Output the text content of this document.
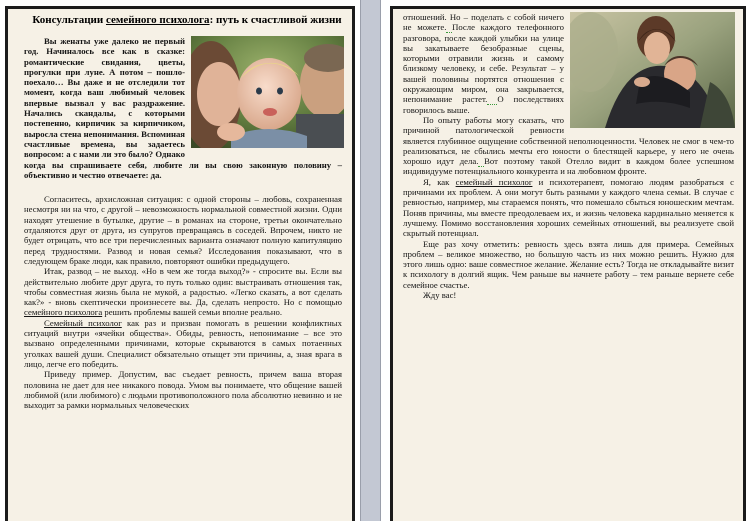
Консультации семейного психолога: путь к счастливой жизни

Вы женаты уже далеко не первый год. Начиналось все как в сказке: романтические свидания, цветы, прогулки при луне. А потом – пошло-поехало… Вы даже и не отследили тот момент, когда ваш любимый человек впервые вызвал у вас раздражение. Начались скандалы, с которыми постепенно, кирпичик за кирпичиком, выросла стена непонимания. Вспоминая счастливые времена, вы задаетесь вопросом: а с нами ли это было? Однако когда вы спрашиваете себя, любите ли вы свою законную половину – объективно и честно отвечаете: да.

Согласитесь, архисложная ситуация: с одной стороны – любовь, сохраненная несмотря ни на что, с другой – невозможность нормальной совместной жизни. Одни находят утешение в бутылке, другие – в романах на стороне, третьи окончательно отдаляются друг от друга, из супругов превращаясь в соседей. Впрочем, никто не будет отрицать, что все три перечисленных варианта означают полную капитуляцию перед трудностями. Развод и новая семья? Исследования показывают, что в следующем браке люди, как правило, повторяют ошибки предыдущего.

Итак, развод – не выход. «Но в чем же тогда выход?» - спросите вы. Если вы действительно любите друг друга, то путь только один: выстраивать отношения так, чтобы совместная жизнь была не мукой, а радостью. «Легко сказать, а вот сделать как?» - вновь скептически произнесете вы. Да, сделать непросто. Но с помощью семейного психолога решить проблемы вашей семьи вполне реально.

Семейный психолог как раз и призван помогать в решении конфликтных ситуаций внутри «ячейки общества». Обиды, ревность, непонимание – все это вызвано определенными причинами, которые скрываются в самых потаенных уголках вашей души. Специалист обязательно отыщет эти причины, а, зная врага в лицо, легче его победить.

Приведу пример. Допустим, вас съедает ревность, причем ваша вторая половина не дает для нее никакого повода. Умом вы понимаете, что общение вашей любимой (или любимого) с людьми противоположного пола абсолютно невинно и не выходит за рамки нормальных человеческих

отношений. Но – поделать с собой ничего не можете. После каждого телефонного разговора, после каждой улыбки на улице вы закатываете безобразные сцены, которыми отравили жизнь и самому близкому человеку, и себе. Результат – у вашей половины портятся отношения с окружающим миром, она закрывается, непонимание растет. О последствиях говорилось выше.

По опыту работы могу сказать, что причиной патологической ревности является глубиннoe ощущение собственной неполноценности. Человек не смог в чем-то реализоваться, не сбылись мечты его юности о блестящей карьере, у него не очень хорошо идут дела. Вот поэтому такой Отелло видит в каждом более успешном индивидууме потенциального конкурента и на любовном фронте.

Я, как семейный психолог и психотерапевт, помогаю людям разобраться с причинами их проблем. А они могут быть разными у каждого члена семьи. В случае с ревностью, например, мы стараемся понять, что помешало сбыться юношеским мечтам. Поняв причины, мы вместе преодолеваем их, и жизнь человека кардинально меняется к лучшему. Помимо восстановления хороших семейных отношений, вы реализуете свой скрытый потенциал.

Еще раз хочу отметить: ревность здесь взята лишь для примера. Семейных проблем – великое множество, но большую часть из них можно решить. Нужно для этого лишь одно: ваше совместное желание. Желание есть? Тогда не откладывайте визит к психологу в долгий ящик. Чем раньше вы начнете работу – тем раньше вернете себе семейное счастье.

Жду вас!
